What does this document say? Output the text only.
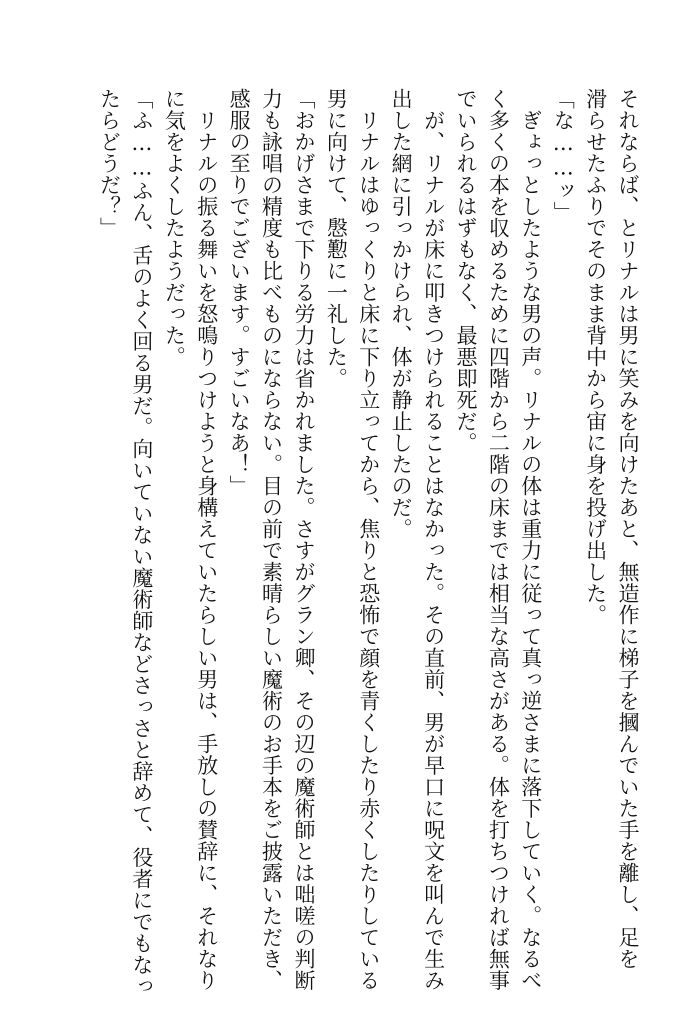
それならば、とリナルは男に笑みを向けたあと、無造作に梯子を摑んでいた手を離し、足を
滑らせたふりでそのまま背中から宙に身を投げ出した。
「な……ッ」
　ぎょっとしたような男の声。リナルの体は重力に従って真っ逆さまに落下していく。なるべ
く多くの本を収めるために四階から二階の床までは相当な高さがある。体を打ちつければ無事
でいられるはずもなく、最悪即死だ。
　が、リナルが床に叩きつけられることはなかった。その直前、男が早口に呪文を叫んで生み
出した網に引っかけられ、体が静止したのだ。
　リナルはゆっくりと床に下り立ってから、焦りと恐怖で顔を青くしたり赤くしたりしている
男に向けて、慇懃に一礼した。
「おかげさまで下りる労力は省かれました。さすがグラン卿、その辺の魔術師とは咄嗟の判断
力も詠唱の精度も比べものにならない。目の前で素晴らしい魔術のお手本をご披露いただき、
感服の至りでございます。すごいなあ！」
　リナルの振る舞いを怒鳴りつけようと身構えていたらしい男は、手放しの賛辞に、それなり
に気をよくしたようだった。
「ふ……ふん、舌のよく回る男だ。向いていない魔術師などさっさと辞めて、役者にでもなっ
たらどうだ？」
